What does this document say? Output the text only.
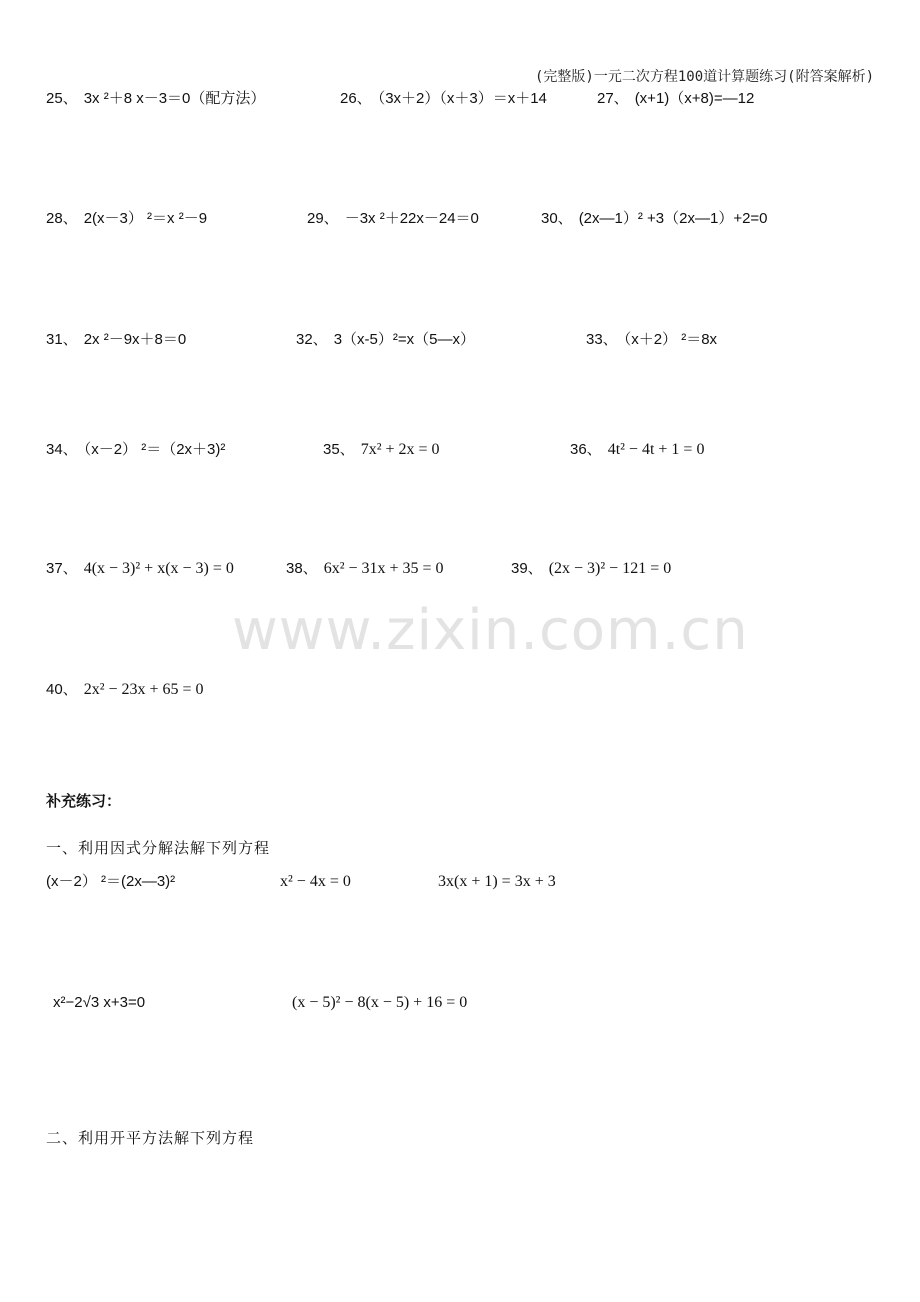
(完整版)一元二次方程100道计算题练习(附答案解析)
25、 3x ²＋8 x－3＝0（配方法）	26、 （3x＋2）（x＋3）＝x＋14	27、 (x+1)（x+8)=—12
28、 2(x－3） ²＝x ²－9	29、 －3x ²＋22x－24＝0	30、 (2x—1）² +3（2x—1）+2=0
31、 2x ²－9x＋8＝0	32、 3（x-5）²=x（5—x）	33、 （x＋2） ²＝8x
34、 （x－2） ²＝（2x＋3)²	35、 7x² + 2x = 0	36、 4t² − 4t + 1 = 0
37、 4(x − 3)² + x(x − 3) = 0	38、 6x² − 31x + 35 = 0	39、 (2x − 3)² − 121 = 0
www.zixin.com.cn
40、 2x² − 23x + 65 = 0
补充练习：
一、利用因式分解法解下列方程
(x－2） ²＝(2x—3)²	x² − 4x = 0	3x(x + 1) = 3x + 3
x²−2√3 x+3=0	(x − 5)² − 8(x − 5) + 16 = 0
二、利用开平方法解下列方程
